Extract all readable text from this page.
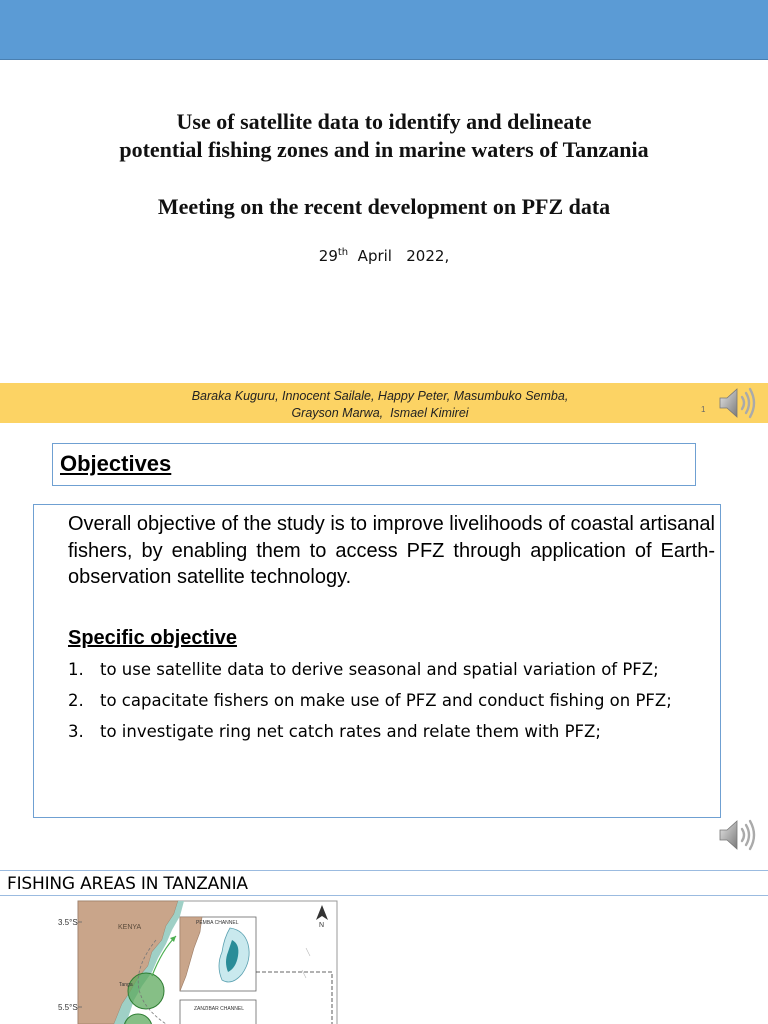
Use of satellite data to identify and delineate
potential fishing zones and in marine waters of Tanzania
Meeting on the recent development on PFZ data
29th  April   2022,
Baraka Kuguru, Innocent Sailale, Happy Peter, Masumbuko Semba,
Grayson Marwa,  Ismael Kimirei	1
Objectives
Overall objective of the study is to improve livelihoods of coastal artisanal fishers, by enabling them to access PFZ through application of Earth-observation satellite technology.
Specific objective
1. to use satellite data to derive seasonal and spatial variation of PFZ;
2. to capacitate fishers on make use of PFZ and conduct fishing on PFZ;
3. to investigate ring net catch rates and relate them with PFZ;
FISHING AREAS IN TANZANIA
3.5°S
5.5°S
KENYA
Tanga
PEMBA CHANNEL
ZANZIBAR CHANNEL
N
